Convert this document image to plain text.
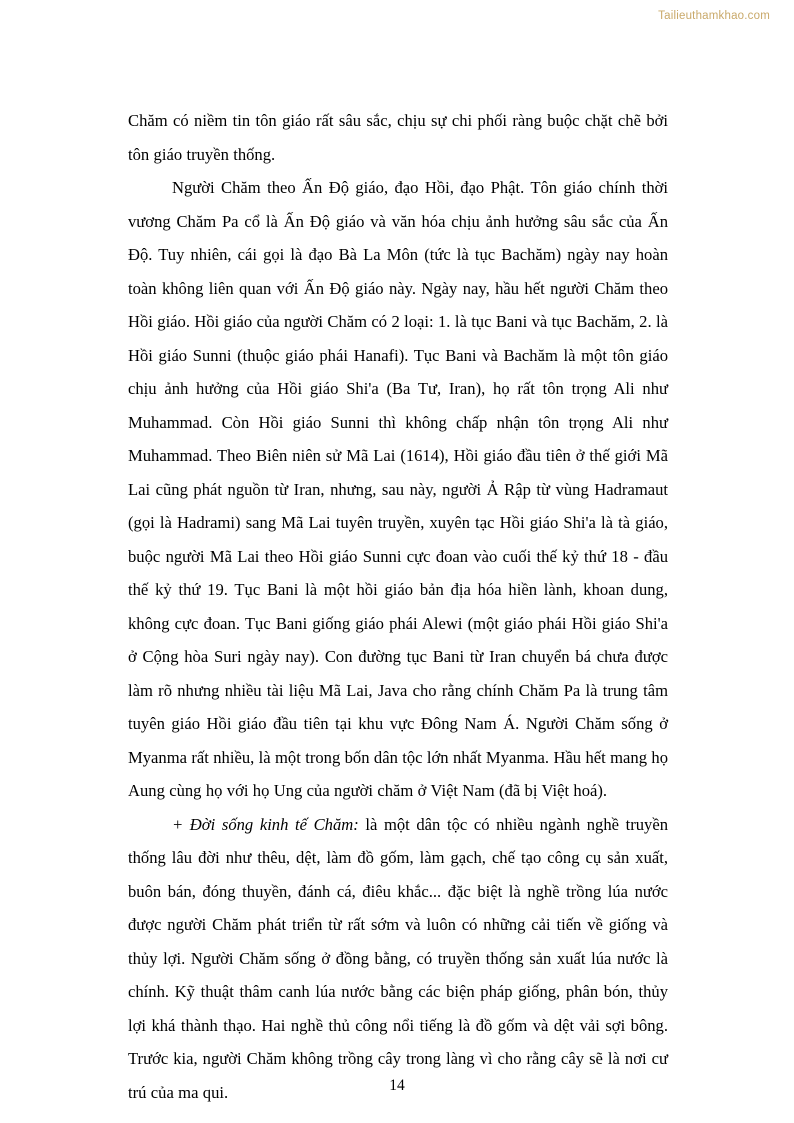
Tailieuthamkhao.com

Chăm có niềm tin tôn giáo rất sâu sắc, chịu sự chi phối ràng buộc chặt chẽ bởi tôn giáo truyền thống.

Người Chăm theo Ấn Độ giáo, đạo Hồi, đạo Phật. Tôn giáo chính thời vương Chăm Pa cổ là Ấn Độ giáo và văn hóa chịu ảnh hưởng sâu sắc của Ấn Độ. Tuy nhiên, cái gọi là đạo Bà La Môn (tức là tục Bachăm) ngày nay hoàn toàn không liên quan với Ấn Độ giáo này. Ngày nay, hầu hết người Chăm theo Hồi giáo. Hồi giáo của người Chăm có 2 loại: 1. là tục Bani và tục Bachăm, 2. là Hồi giáo Sunni (thuộc giáo phái Hanafi). Tục Bani và Bachăm là một tôn giáo chịu ảnh hưởng của Hồi giáo Shi'a (Ba Tư, Iran), họ rất tôn trọng Ali như Muhammad. Còn Hồi giáo Sunni thì không chấp nhận tôn trọng Ali như Muhammad. Theo Biên niên sử Mã Lai (1614), Hồi giáo đầu tiên ở thế giới Mã Lai cũng phát nguồn từ Iran, nhưng, sau này, người Ả Rập từ vùng Hadramaut (gọi là Hadrami) sang Mã Lai tuyên truyền, xuyên tạc Hồi giáo Shi'a là tà giáo, buộc người Mã Lai theo Hồi giáo Sunni cực đoan vào cuối thế kỷ thứ 18 - đầu thế kỷ thứ 19. Tục Bani là một hồi giáo bản địa hóa hiền lành, khoan dung, không cực đoan. Tục Bani giống giáo phái Alewi (một giáo phái Hồi giáo Shi'a ở Cộng hòa Suri ngày nay). Con đường tục Bani từ Iran chuyển bá chưa được làm rõ nhưng nhiều tài liệu Mã Lai, Java cho rằng chính Chăm Pa là trung tâm tuyên giáo Hồi giáo đầu tiên tại khu vực Đông Nam Á. Người Chăm sống ở Myanma rất nhiều, là một trong bốn dân tộc lớn nhất Myanma. Hầu hết mang họ Aung cùng họ với họ Ung của người chăm ở Việt Nam (đã bị Việt hoá).

+ Đời sống kinh tế Chăm: là một dân tộc có nhiều ngành nghề truyền thống lâu đời như thêu, dệt, làm đồ gốm, làm gạch, chế tạo công cụ sản xuất, buôn bán, đóng thuyền, đánh cá, điêu khắc... đặc biệt là nghề trồng lúa nước được người Chăm phát triển từ rất sớm và luôn có những cải tiến về giống và thủy lợi. Người Chăm sống ở đồng bằng, có truyền thống sản xuất lúa nước là chính. Kỹ thuật thâm canh lúa nước bằng các biện pháp giống, phân bón, thủy lợi khá thành thạo. Hai nghề thủ công nổi tiếng là đồ gốm và dệt vải sợi bông. Trước kia, người Chăm không trồng cây trong làng vì cho rằng cây sẽ là nơi cư trú của ma qui.	14
